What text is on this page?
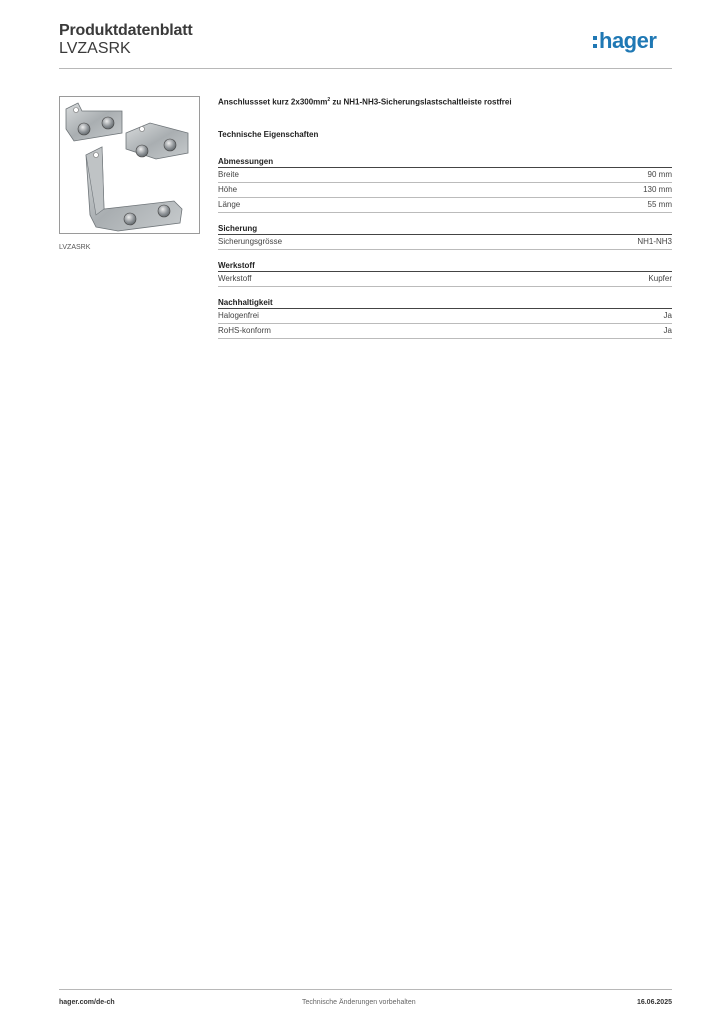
Produktdatenblatt
LVZASRK	hager
LVZASRK
Anschlussset kurz $2x300mm^2$ zu NH1-NH3-Sicherungslastschaltleiste rostfrei
Technische Eigenschaften
Abmessungen
Breite	90 mm
Höhe	130 mm
Länge	55 mm
Sicherung
Sicherungsgrösse	NH1-NH3
Werkstoff
Werkstoff	Kupfer
Nachhaltigkeit
Halogenfrei	Ja
RoHS-konform	Ja
hager.com/de-ch	Technische Änderungen vorbehalten	16.06.2025
